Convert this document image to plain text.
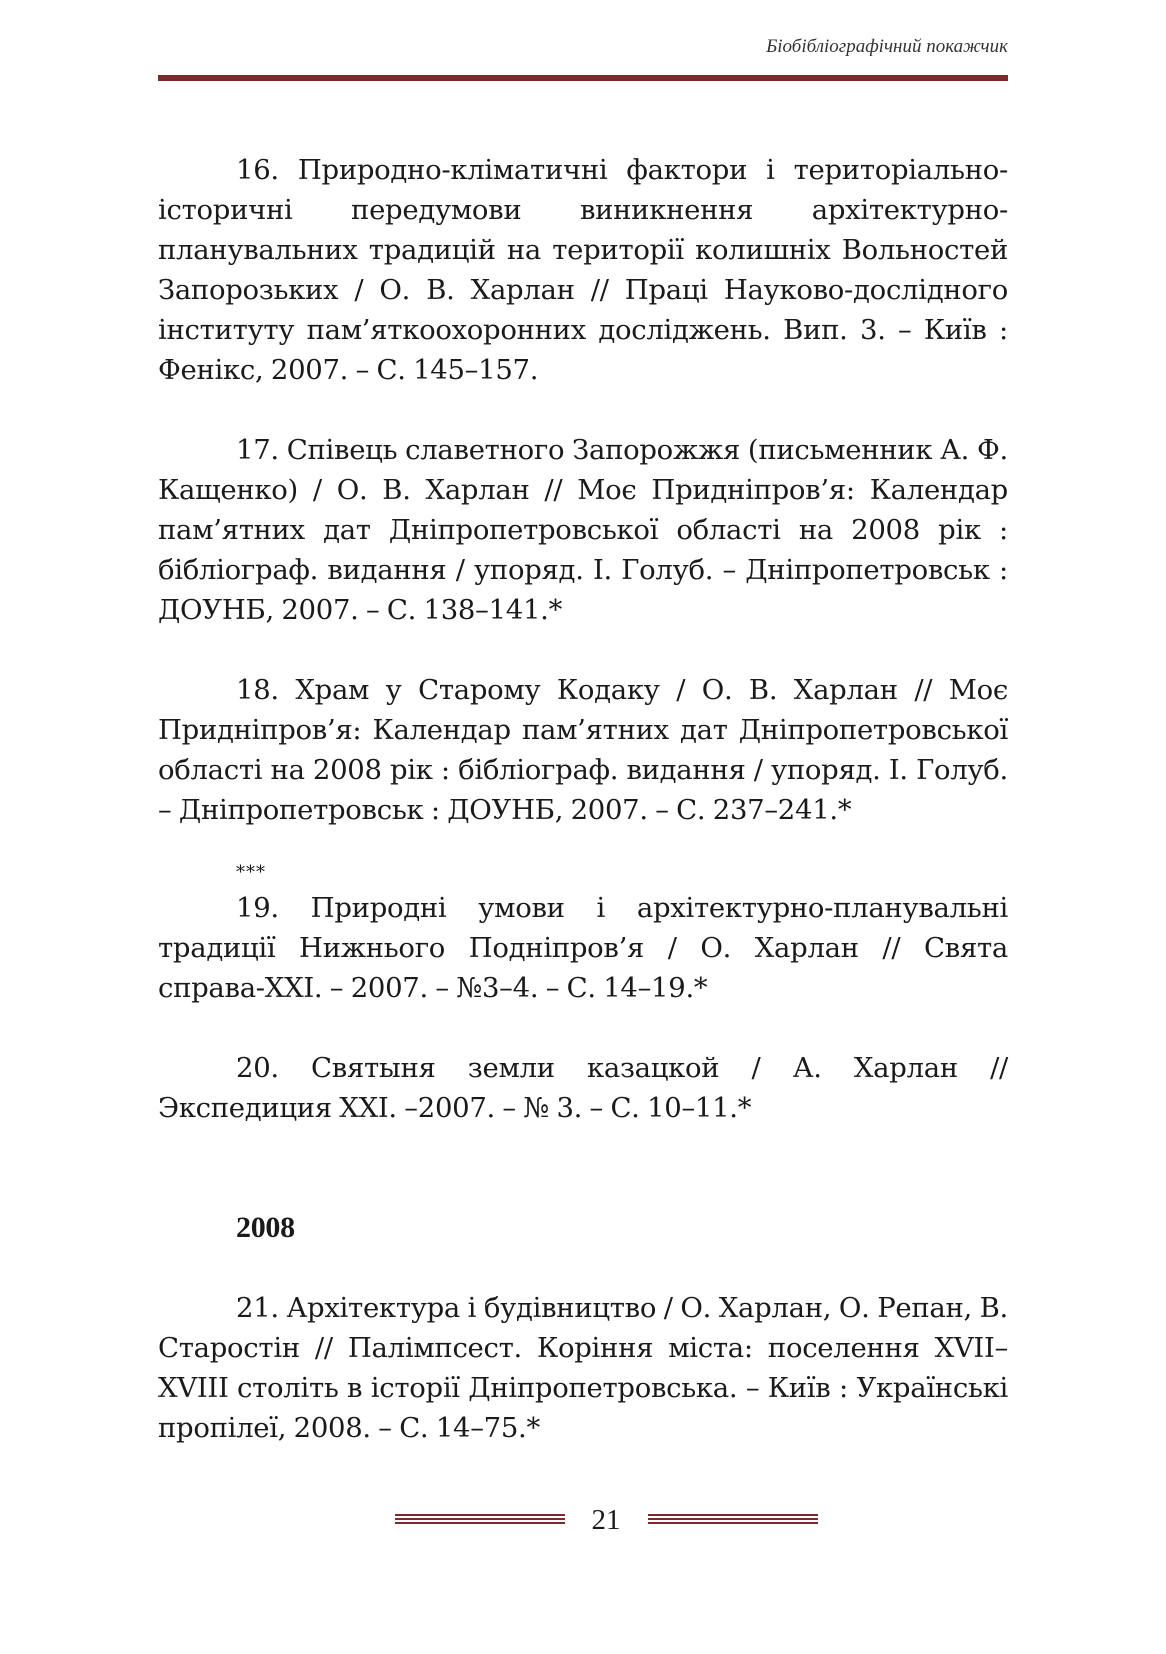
Біобібліографічний покажчик

16. Природно-кліматичні фактори і територіально-історичні передумови виникнення архітектурно-планувальних традицій на території колишніх Вольностей Запорозьких / О. В. Харлан // Праці Науково-дослідного інституту пам’яткоохоронних досліджень. Вип. 3. – Київ : Фенікс, 2007. – С. 145–157.

17. Співець славетного Запорожжя (письменник А. Ф. Кащенко) / О. В. Харлан // Моє Придніпров’я: Календар пам’ятних дат Дніпропетровської області на 2008 рік : бібліограф. видання / упоряд. І. Голуб. – Дніпропетровськ : ДОУНБ, 2007. – С. 138–141.*

18. Храм у Старому Кодаку / О. В. Харлан // Моє Придніпров’я: Календар пам’ятних дат Дніпропетровської області на 2008 рік : бібліограф. видання / упоряд. І. Голуб. – Дніпропетровськ : ДОУНБ, 2007. – С. 237–241.*

***

19. Природні умови і архітектурно-планувальні традиції Нижнього Подніпров’я / О. Харлан // Свята справа-ХХІ. – 2007. – №3–4. – С. 14–19.*

20. Святыня земли казацкой / А. Харлан // Экспедиция XXI. –2007. – № 3. – С. 10–11.*

2008

21. Архітектура і будівництво / О. Харлан, О. Репан, В. Старостін // Палімпсест. Коріння міста: поселення XVII–XVIII століть в історії Дніпропетровська. – Київ : Українські пропілеї, 2008. – С. 14–75.*

21
